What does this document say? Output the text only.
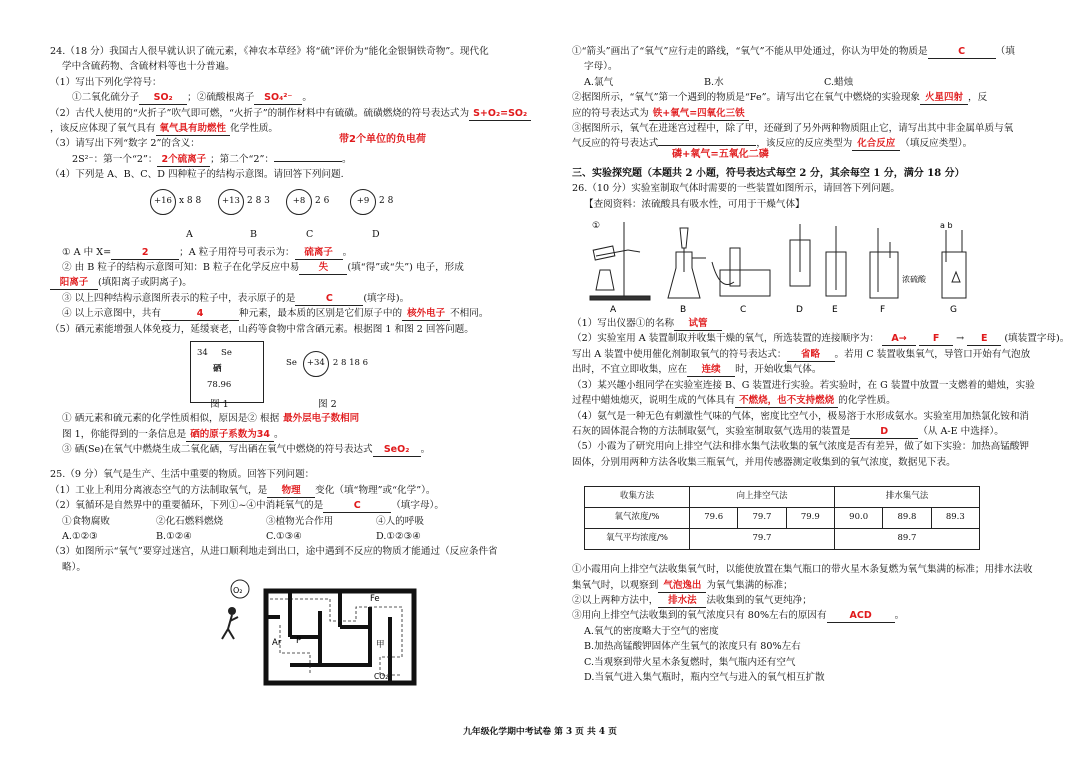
24.（18 分）我国古人很早就认识了硫元素，《神农本草经》将“硫”评价为“能化金银铜铁奇物”。现代化
学中含硫药物、含硫材料等也十分普遍。
（1）写出下列化学符号：
①二氧化硫分子 SO₂ ；②硫酸根离子 SO₄²⁻ 。
（2）古代人使用的“火折子”吹气即可燃，“火折子”的制作材料中有硫磺。硫磺燃烧的符号表达式为 S+O₂=SO₂
，该反应体现了氧气具有 氧气具有助燃性 化学性质。
（3）请写出下列“数字 2”的含义：	带2个单位的负电荷
2S²⁻：第一个“2”： 2个硫离子 ；第二个“2”：	。
（4）下列是 A、B、C、D 四种粒子的结构示意图。请回答下列问题.
+16 x 8 8	+13 2 8 3	+8	2 6	+9	2 8
A	B	C	D
① A 中 X=	2	；A 粒子用符号可表示为： 硫离子 。
② 由 B 粒子的结构示意图可知：B 粒子在化学反应中易 失 (填“得”或“失”) 电子，形成
阳离子 (填阳离子或阴离子)。
③ 以上四种结构示意图所表示的粒子中，表示原子的是	C	(填字母)。
④ 以上示意图中，共有	4	种元素，最本质的区别是它们原子中的 核外电子 不相同。
（5）硒元素能增强人体免疫力，延缓衰老，山药等食物中常含硒元素。根据图 1 和图 2 回答问题。
34 Se
硒
78.96
Se	+34 2 8 18 6
图 1	图 2
① 硒元素和硫元素的化学性质相似，原因是② 根据 最外层电子数相同
图 1，你能得到的一条信息是 硒的原子系数为34 。
③ 硒(Se)在氧气中燃烧生成二氧化硒，写出硒在氧气中燃烧的符号表达式 SeO₂ 。
25.（9 分）氧气是生产、生活中重要的物质。回答下列问题：
（1）工业上利用分离液态空气的方法制取氧气，是 物理 变化（填“物理”或“化学”）。
（2）氧循环是自然界中的重要循环，下列①~④中消耗氧气的是	C	（填字母）。
①食物腐败	②化石燃料燃烧	③植物光合作用	④人的呼吸
A.①②③	B.①②④	C.①③④	D.①②③④
（3）如图所示“氧气”要穿过迷宫，从进口顺利地走到出口，途中遇到不反应的物质才能通过（反应条件省
略）。
O₂
Fe
Ar P	甲
CO₂
①“箭头”画出了“氧气”应行走的路线，“氧气”不能从甲处通过，你认为甲处的物质是	C	（填
字母）。
A.氯气	B.水	C.蜡烛
②据图所示，“氧气”第一个遇到的物质是“Fe”。请写出它在氧气中燃烧的实验现象 火星四射 ，反
应的符号表达式为 铁+氧气=四氧化三铁
③据图所示，氧气在进迷宫过程中，除了甲，还碰到了另外两种物质阻止它，请写出其中非金属单质与氧
气反应的符号表达式	，该反应的反应类型为 化合反应 （填反应类型）。
磷+氧气=五氧化二磷
三、实验探究题（本题共 2 小题，符号表达式每空 2 分，其余每空 1 分，满分 18 分）
26.（10 分）实验室制取气体时需要的一些装置如图所示，请回答下列问题。
【查阅资料：浓硫酸具有吸水性，可用于干燥气体】
①
浓硫酸
a b
A	B	C	D	E	F	G
（1）写出仪器①的名称 试管
（2）实验室用 A 装置制取并收集干燥的氧气，所选装置的连接顺序为： A→	F → E (填装置字母)。
写出 A 装置中使用催化剂制取氧气的符号表达式： 省略 。若用 C 装置收集氧气，导管口开始有气泡放
出时，不宜立即收集，应在 连续 时，开始收集气体。
（3）某兴趣小组同学在实验室连接 B、G 装置进行实验。若实验时，在 G 装置中放置一支燃着的蜡烛，实验
过程中蜡烛熄灭，说明生成的气体具有 不燃烧，也不支持燃烧 的化学性质。
（4）氨气是一种无色有刺激性气味的气体，密度比空气小，极易溶于水形成氨水。实验室用加热氯化铵和消
石灰的固体混合物的方法制取氨气，实验室制取氨气选用的装置是	D	（从 A-E 中选择）。
（5）小霞为了研究用向上排空气法和排水集气法收集的氧气浓度是否有差异，做了如下实验：加热高锰酸钾
固体，分别用两种方法各收集三瓶氧气，并用传感器测定收集到的氧气浓度，数据见下表。
收集方法	向上排空气法			排水集气法		
氧气浓度/%	79.6	79.7	79.9	90.0	89.8	89.3
氧气平均浓度/%	79.7			89.7		
①小霞用向上排空气法收集氧气时，以能使放置在集气瓶口的带火星木条复燃为氧气集满的标准；用排水法收
集氧气时，以观察到 气泡逸出 为氧气集满的标准；
②以上两种方法中， 排水法 法收集到的氧气更纯净；
③用向上排空气法收集到的氧气浓度只有 80%左右的原因有 ACD 。
A.氧气的密度略大于空气的密度
B.加热高锰酸钾固体产生氧气的浓度只有 80%左右
C.当观察到带火星木条复燃时，集气瓶内还有空气
D.当氧气进入集气瓶时，瓶内空气与进入的氧气相互扩散
九年级化学期中考试卷 第 3 页 共 4 页
